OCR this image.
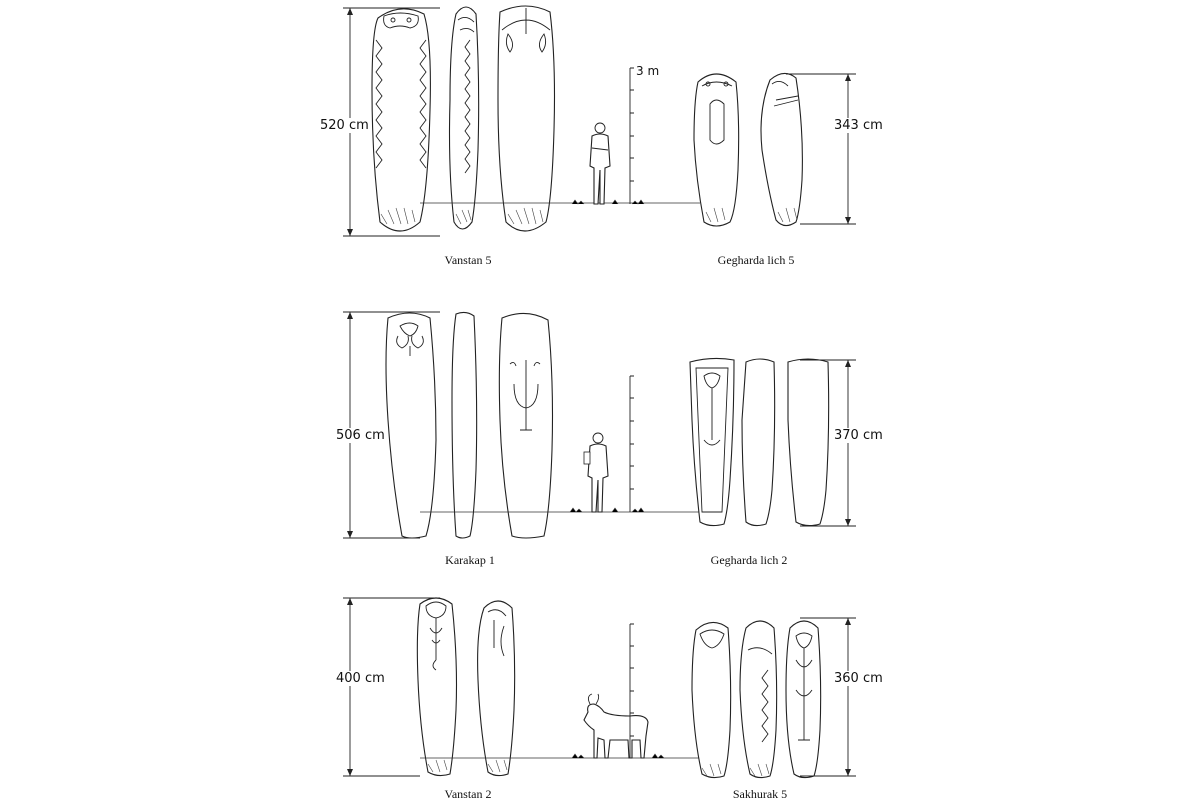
520 cm	343 cm
3 m
Vanstan 5	Gegharda lich 5
506 cm	370 cm
Karakap 1	Gegharda lich 2
400 cm	360 cm
Vanstan 2	Sakhurak 5
